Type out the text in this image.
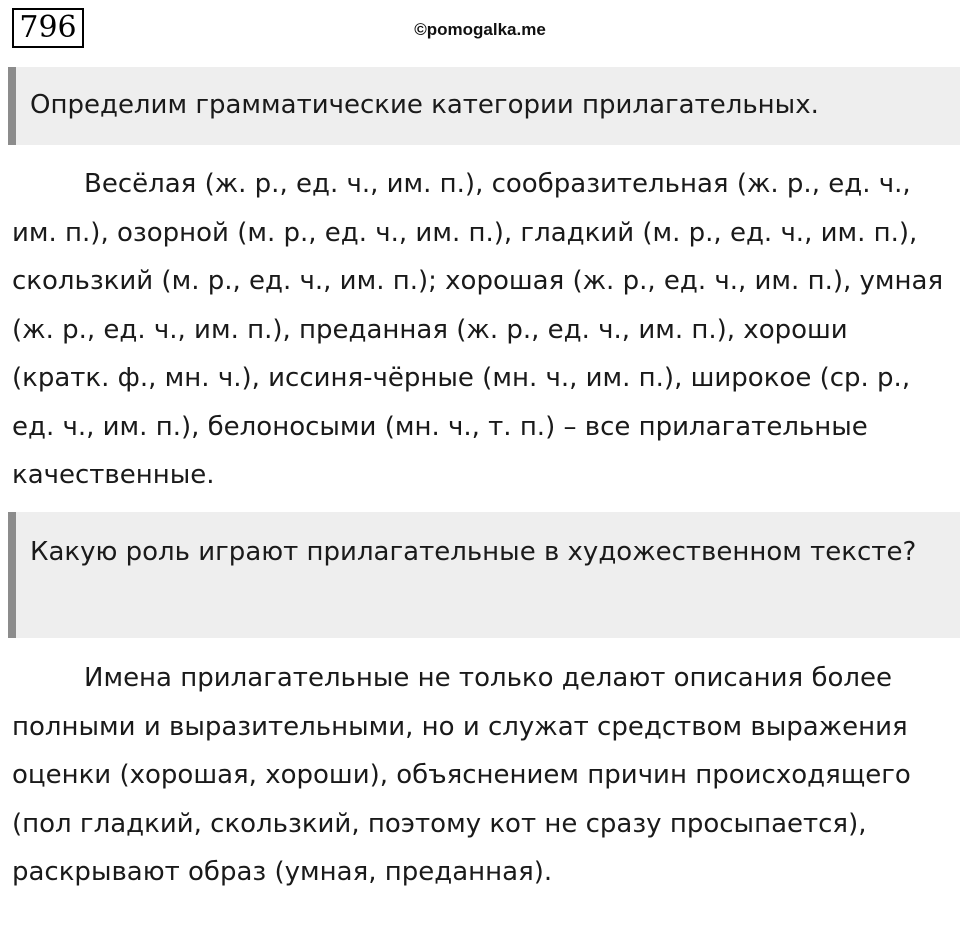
796	©pomogalka.me
Определим грамматические категории прилагательных.

Весёлая (ж. р., ед. ч., им. п.), сообразительная (ж. р., ед. ч., им. п.), озорной (м. р., ед. ч., им. п.), гладкий (м. р., ед. ч., им. п.), скользкий (м. р., ед. ч., им. п.); хорошая (ж. р., ед. ч., им. п.), умная (ж. р., ед. ч., им. п.), преданная (ж. р., ед. ч., им. п.), хороши (кратк. ф., мн. ч.), иссиня-чёрные (мн. ч., им. п.), широкое (ср. р., ед. ч., им. п.), белоносыми (мн. ч., т. п.) – все прилагательные качественные.

Какую роль играют прилагательные в художественном тексте?

Имена прилагательные не только делают описания более полными и выразительными, но и служат средством выражения оценки (хорошая, хороши), объяснением причин происходящего (пол гладкий, скользкий, поэтому кот не сразу просыпается), раскрывают образ (умная, преданная).
